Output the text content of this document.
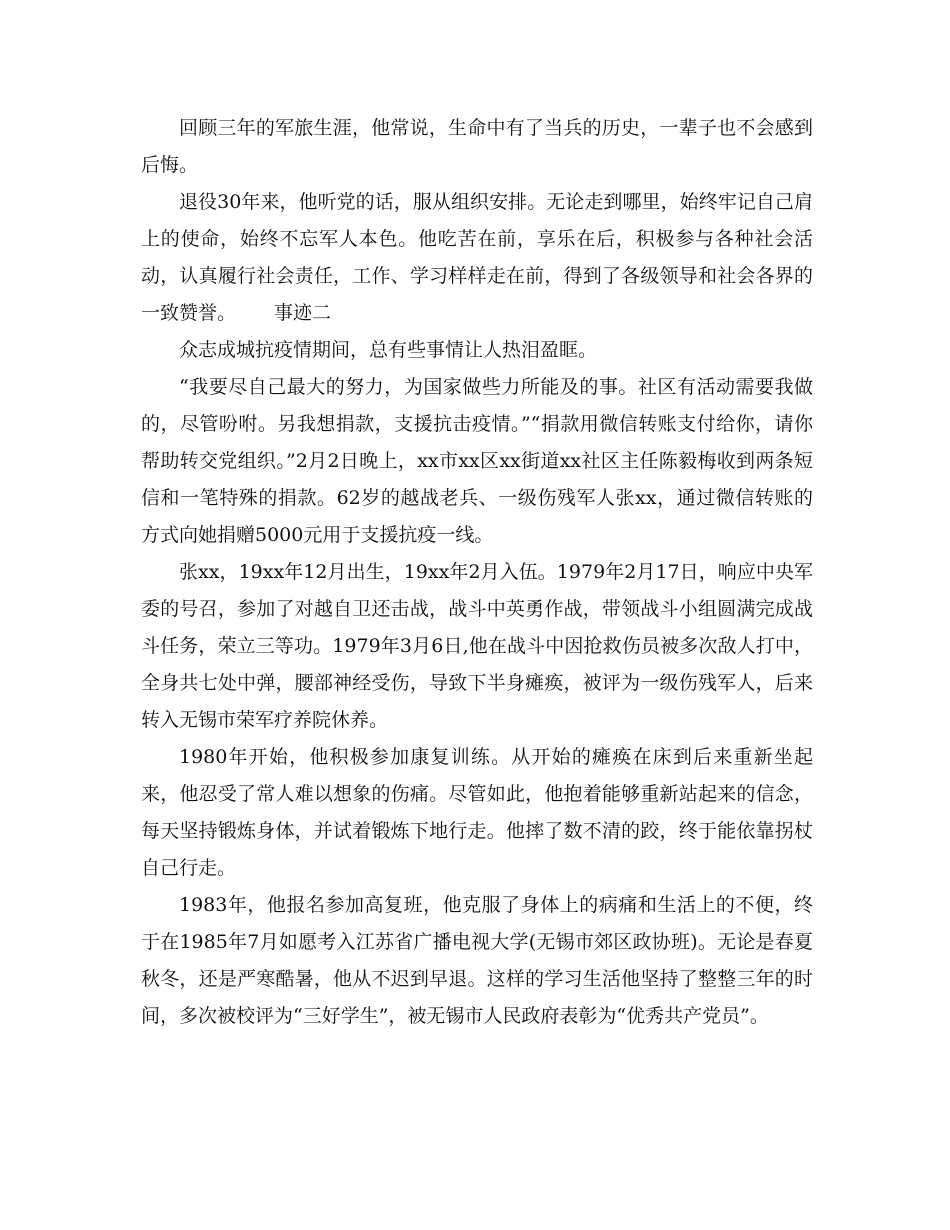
回顾三年的军旅生涯，他常说，生命中有了当兵的历史，一辈子也不会感到后悔。

退役30年来，他听党的话，服从组织安排。无论走到哪里，始终牢记自己肩上的使命，始终不忘军人本色。他吃苦在前，享乐在后，积极参与各种社会活动，认真履行社会责任，工作、学习样样走在前，得到了各级领导和社会各界的一致赞誉。 事迹二

众志成城抗疫情期间，总有些事情让人热泪盈眶。

“我要尽自己最大的努力，为国家做些力所能及的事。社区有活动需要我做的，尽管吩咐。另我想捐款，支援抗击疫情。”“捐款用微信转账支付给你，请你帮助转交党组织。”2月2日晚上，xx市xx区xx街道xx社区主任陈毅梅收到两条短信和一笔特殊的捐款。62岁的越战老兵、一级伤残军人张xx，通过微信转账的方式向她捐赠5000元用于支援抗疫一线。

张xx，19xx年12月出生，19xx年2月入伍。1979年2月17日，响应中央军委的号召，参加了对越自卫还击战，战斗中英勇作战，带领战斗小组圆满完成战斗任务，荣立三等功。1979年3月6日,他在战斗中因抢救伤员被多次敌人打中，全身共七处中弹，腰部神经受伤，导致下半身瘫痪，被评为一级伤残军人，后来转入无锡市荣军疗养院休养。

1980年开始，他积极参加康复训练。从开始的瘫痪在床到后来重新坐起来，他忍受了常人难以想象的伤痛。尽管如此，他抱着能够重新站起来的信念，每天坚持锻炼身体，并试着锻炼下地行走。他摔了数不清的跤，终于能依靠拐杖自己行走。

1983年，他报名参加高复班，他克服了身体上的病痛和生活上的不便，终于在1985年7月如愿考入江苏省广播电视大学(无锡市郊区政协班)。无论是春夏秋冬，还是严寒酷暑，他从不迟到早退。这样的学习生活他坚持了整整三年的时间，多次被校评为“三好学生”，被无锡市人民政府表彰为“优秀共产党员”。
